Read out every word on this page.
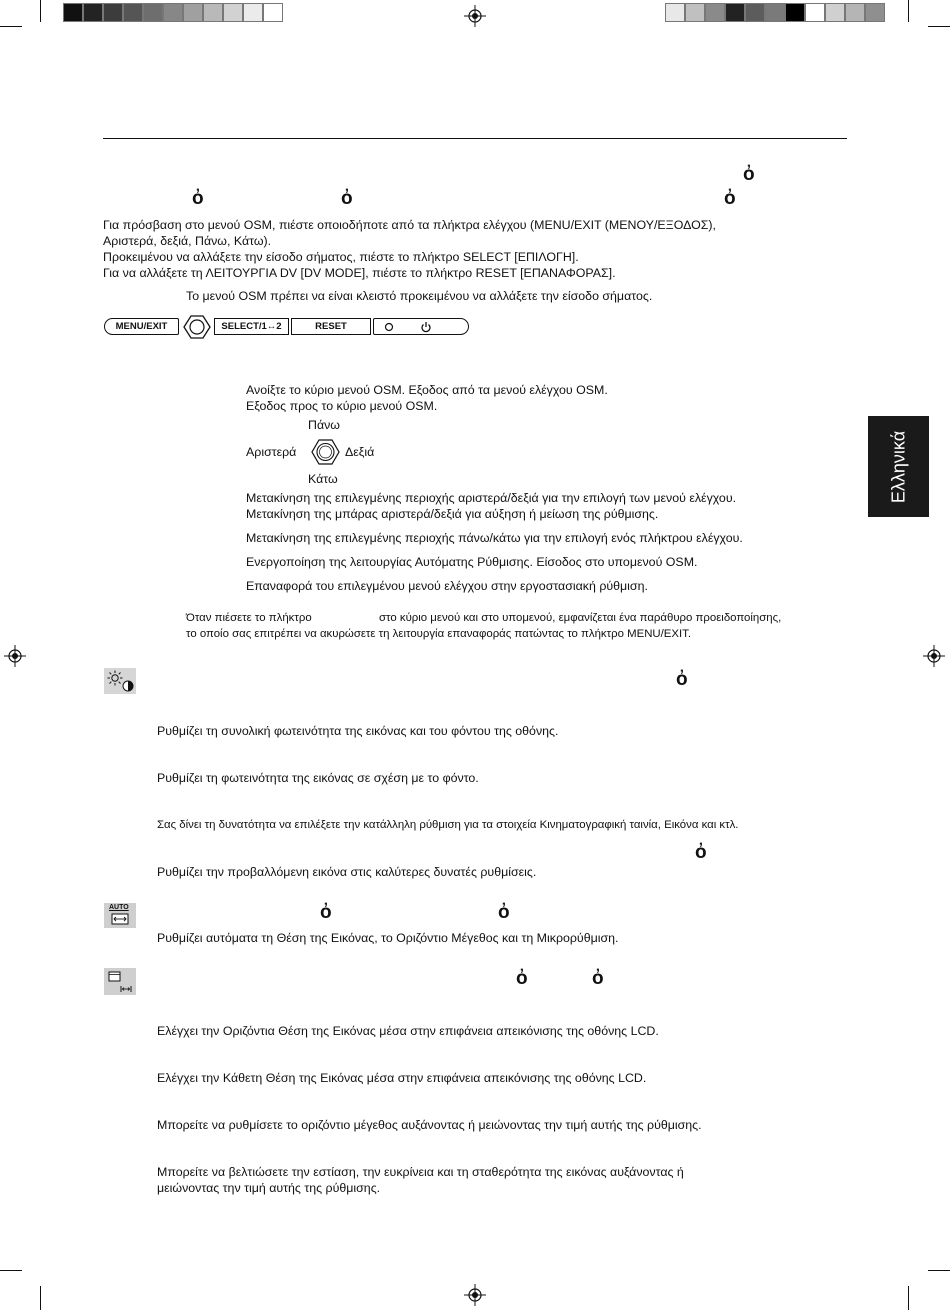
ὀ
ὀ	ὀ	ὀ
Για πρόσβαση στο μενού OSM, πιέστε οποιοδήποτε από τα πλήκτρα ελέγχου (MENU/EXIT (ΜΕΝΟΥ/ΕΞΟΔΟΣ),
Αριστερά, δεξιά, Πάνω, Κάτω).
Προκειμένου να αλλάξετε την είσοδο σήματος, πιέστε το πλήκτρο SELECT [ΕΠΙΛΟΓΗ].
Για να αλλάξετε τη ΛΕΙΤΟΥΡΓΙΑ DV [DV MODE], πιέστε το πλήκτρο RESET [ΕΠΑΝΑΦΟΡΑΣ].
Το μενού OSM πρέπει να είναι κλειστό προκειμένου να αλλάξετε την είσοδο σήματος.
MENU/EXIT	SELECT/1↔2	RESET
Ανοίξτε το κύριο μενού OSM. Εξοδος από τα μενού ελέγχου OSM.
Εξοδος προς το κύριο μενού OSM.
Πάνω
Αριστερά	Δεξιά
Κάτω
Μετακίνηση της επιλεγμένης περιοχής αριστερά/δεξιά για την επιλογή των μενού ελέγχου.
Μετακίνηση της μπάρας αριστερά/δεξιά για αύξηση ή μείωση της ρύθμισης.
Μετακίνηση της επιλεγμένης περιοχής πάνω/κάτω για την επιλογή ενός πλήκτρου ελέγχου.
Ενεργοποίηση της λειτουργίας Αυτόματης Ρύθμισης. Είσοδος στο υπομενού OSM.
Επαναφορά του επιλεγμένου μενού ελέγχου στην εργοστασιακή ρύθμιση.
Όταν πιέσετε το πλήκτρο	στο κύριο μενού και στο υπομενού, εμφανίζεται ένα παράθυρο προειδοποίησης,
το οποίο σας επιτρέπει να ακυρώσετε τη λειτουργία επαναφοράς πατώντας το πλήκτρο MENU/EXIT.
Ελληνικά
ὀ
Ρυθμίζει τη συνολική φωτεινότητα της εικόνας και του φόντου της οθόνης.
Ρυθμίζει τη φωτεινότητα της εικόνας σε σχέση με το φόντο.
Σας δίνει τη δυνατότητα να επιλέξετε την κατάλληλη ρύθμιση για τα στοιχεία Κινηματογραφική ταινία, Εικόνα και κτλ.
ὀ
Ρυθμίζει την προβαλλόμενη εικόνα στις καλύτερες δυνατές ρυθμίσεις.
AUTO	ὀ	ὀ
Ρυθμίζει αυτόματα τη Θέση της Εικόνας, το Οριζόντιο Μέγεθος και τη Μικρορύθμιση.
ὀ	ὀ
Ελέγχει την Οριζόντια Θέση της Εικόνας μέσα στην επιφάνεια απεικόνισης της οθόνης LCD.
Ελέγχει την Κάθετη Θέση της Εικόνας μέσα στην επιφάνεια απεικόνισης της οθόνης LCD.
Μπορείτε να ρυθμίσετε το οριζόντιο μέγεθος αυξάνοντας ή μειώνοντας την τιμή αυτής της ρύθμισης.
Μπορείτε να βελτιώσετε την εστίαση, την ευκρίνεια και τη σταθερότητα της εικόνας αυξάνοντας ή
μειώνοντας την τιμή αυτής της ρύθμισης.
